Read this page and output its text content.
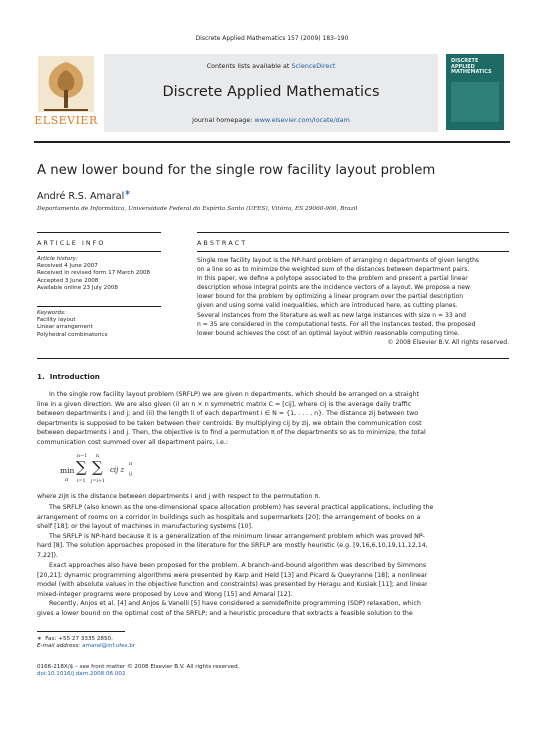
Discrete Applied Mathematics 157 (2009) 183–190
ELSEVIER
Contents lists available at ScienceDirect
Discrete Applied Mathematics
journal homepage: www.elsevier.com/locate/dam
DISCRETE
APPLIED
MATHEMATICS
A new lower bound for the single row facility layout problem
André R.S. Amaral∗
Departamento de Informática, Universidade Federal do Espírito Santo (UFES), Vitória, ES 29060-900, Brazil
A R T I C L E   I N F O
Article history:
Received 4 June 2007
Received in revised form 17 March 2008
Accepted 3 June 2008
Available online 23 July 2008
Keywords:
Facility layout
Linear arrangement
Polyhedral combinatorics
A B S T R A C T
Single row facility layout is the NP-hard problem of arranging n departments of given lengths
on a line so as to minimize the weighted sum of the distances between department pairs.
In this paper, we define a polytope associated to the problem and present a partial linear
description whose integral points are the incidence vectors of a layout. We propose a new
lower bound for the problem by optimizing a linear program over the partial description
given and using some valid inequalities, which are introduced here, as cutting planes.
Several instances from the literature as well as new large instances with size n = 33 and
n = 35 are considered in the computational tests. For all the instances tested, the proposed
lower bound achieves the cost of an optimal layout within reasonable computing time.
© 2008 Elsevier B.V. All rights reserved.
1.  Introduction
In the single row facility layout problem (SRFLP) we are given n departments, which should be arranged on a straight
line in a given direction. We are also given (i) an n × n symmetric matrix C = [cij], where cij is the average daily traffic
between departments i and j; and (ii) the length li of each department i ∈ N = {1, . . . , n}. The distance zij between two
departments is supposed to be taken between their centroids. By multiplying cij by zij, we obtain the communication cost
between departments i and j. Then, the objective is to find a permutation π of the departments so as to minimize, the total
communication cost summed over all department pairs, i.e.:
min
π
n−1
∑
i=1
n
∑
j=i+1
cij z
π
ij
where zijπ is the distance between departments i and j with respect to the permutation π.
The SRFLP (also known as the one-dimensional space allocation problem) has several practical applications, including the
arrangement of rooms on a corridor in buildings such as hospitals and supermarkets [20]; the arrangement of books on a
shelf [18]; or the layout of machines in manufacturing systems [10].
The SRFLP is NP-hard because it is a generalization of the minimum linear arrangement problem which was proved NP-
hard [8]. The solution approaches proposed in the literature for the SRFLP are mostly heuristic (e.g. [9,16,6,10,19,11,12,14,
7,22]).
Exact approaches also have been proposed for the problem. A branch-and-bound algorithm was described by Simmons
[20,21]; dynamic programming algorithms were presented by Karp and Held [13] and Picard & Queyranne [18]; a nonlinear
model (with absolute values in the objective function and constraints) was presented by Heragu and Kusiak [11]; and linear
mixed-integer programs were proposed by Love and Wong [15] and Amaral [12].
Recently, Anjos et al. [4] and Anjos & Vanelli [5] have considered a semidefinite programming (SDP) relaxation, which
gives a lower bound on the optimal cost of the SRFLP; and a heuristic procedure that extracts a feasible solution to the
∗  Fax: +55 27 3335 2850.
E-mail address: amaral@inf.ufes.br
0166-218X/$ – see front matter © 2008 Elsevier B.V. All rights reserved.
doi:10.1016/j.dam.2008.06.002
